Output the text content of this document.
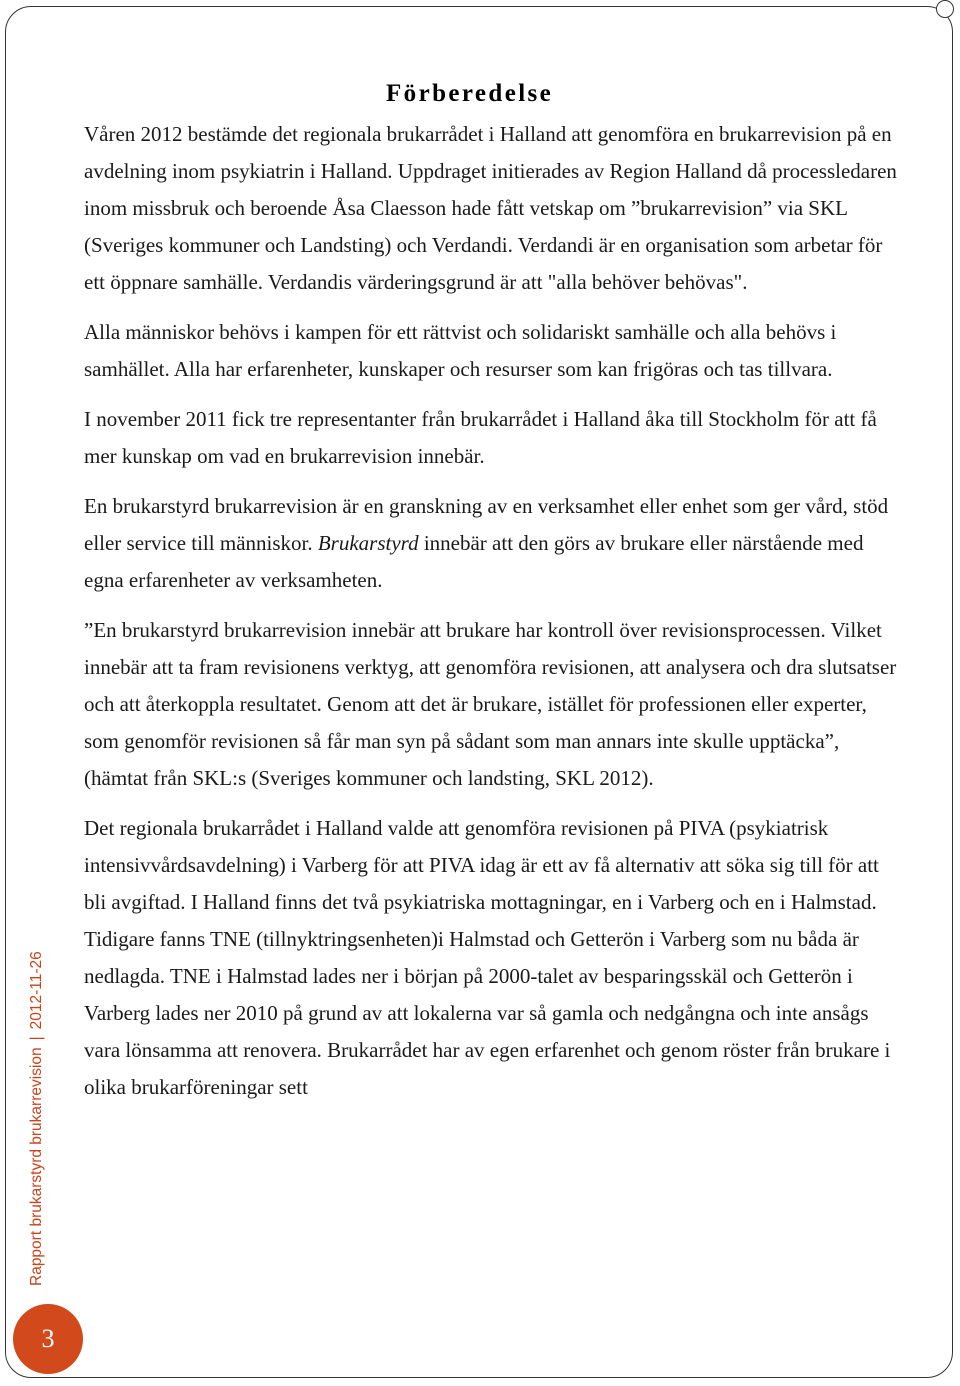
Förberedelse

Våren 2012 bestämde det regionala brukarrådet i Halland att genomföra en brukarrevision på en avdelning inom psykiatrin i Halland. Uppdraget initierades av Region Halland då processledaren inom missbruk och beroende Åsa Claesson hade fått vetskap om ”brukarrevision” via SKL (Sveriges kommuner och Landsting) och Verdandi. Verdandi är en organisation som arbetar för ett öppnare samhälle. Verdandis värderingsgrund är att "alla behöver behövas".

Alla människor behövs i kampen för ett rättvist och solidariskt samhälle och alla behövs i samhället. Alla har erfarenheter, kunskaper och resurser som kan frigöras och tas tillvara.

I november 2011 fick tre representanter från brukarrådet i Halland åka till Stockholm för att få mer kunskap om vad en brukarrevision innebär.

En brukarstyrd brukarrevision är en granskning av en verksamhet eller enhet som ger vård, stöd eller service till människor. Brukarstyrd innebär att den görs av brukare eller närstående med egna erfarenheter av verksamheten.

”En brukarstyrd brukarrevision innebär att brukare har kontroll över revisionsprocessen. Vilket innebär att ta fram revisionens verktyg, att genomföra revisionen, att analysera och dra slutsatser och att återkoppla resultatet. Genom att det är brukare, istället för professionen eller experter, som genomför revisionen så får man syn på sådant som man annars inte skulle upptäcka”, (hämtat från SKL:s (Sveriges kommuner och landsting, SKL 2012).

Det regionala brukarrådet i Halland valde att genomföra revisionen på PIVA (psykiatrisk intensivvårdsavdelning) i Varberg för att PIVA idag är ett av få alternativ att söka sig till för att bli avgiftad. I Halland finns det två psykiatriska mottagningar, en i Varberg och en i Halmstad. Tidigare fanns TNE (tillnyktringsenheten)i Halmstad och Getterön i Varberg som nu båda är nedlagda. TNE i Halmstad lades ner i början på 2000-talet av besparingsskäl och Getterön i Varberg lades ner 2010 på grund av att lokalerna var så gamla och nedgångna och inte ansågs vara lönsamma att renovera. Brukarrådet har av egen erfarenhet och genom röster från brukare i olika brukarföreningar sett

Rapport brukarstyrd brukarrevision|2012-11-26
3
